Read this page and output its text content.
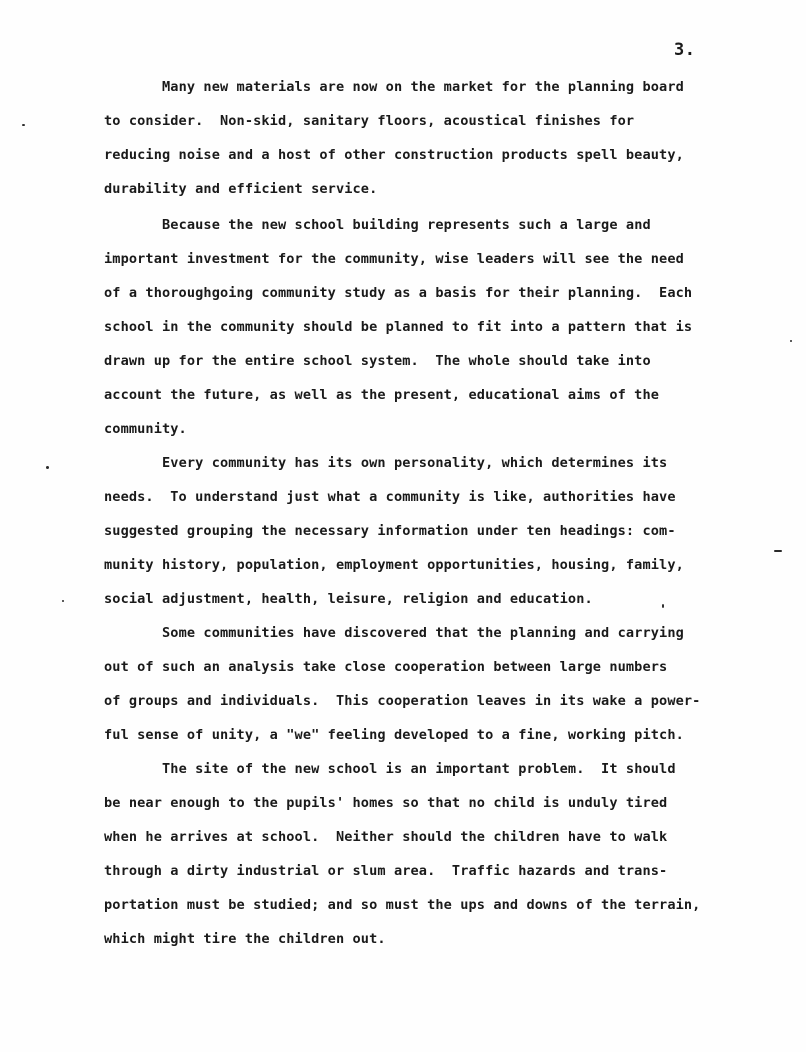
3.
Many new materials are now on the market for the planning board
to consider.  Non-skid, sanitary floors, acoustical finishes for
reducing noise and a host of other construction products spell beauty,
durability and efficient service.
Because the new school building represents such a large and
important investment for the community, wise leaders will see the need
of a thoroughgoing community study as a basis for their planning.  Each
school in the community should be planned to fit into a pattern that is
drawn up for the entire school system.  The whole should take into
account the future, as well as the present, educational aims of the
community.
Every community has its own personality, which determines its
needs.  To understand just what a community is like, authorities have
suggested grouping the necessary information under ten headings: com-
munity history, population, employment opportunities, housing, family,
social adjustment, health, leisure, religion and education.
Some communities have discovered that the planning and carrying
out of such an analysis take close cooperation between large numbers
of groups and individuals.  This cooperation leaves in its wake a power-
ful sense of unity, a "we" feeling developed to a fine, working pitch.
The site of the new school is an important problem.  It should
be near enough to the pupils' homes so that no child is unduly tired
when he arrives at school.  Neither should the children have to walk
through a dirty industrial or slum area.  Traffic hazards and trans-
portation must be studied; and so must the ups and downs of the terrain,
which might tire the children out.
